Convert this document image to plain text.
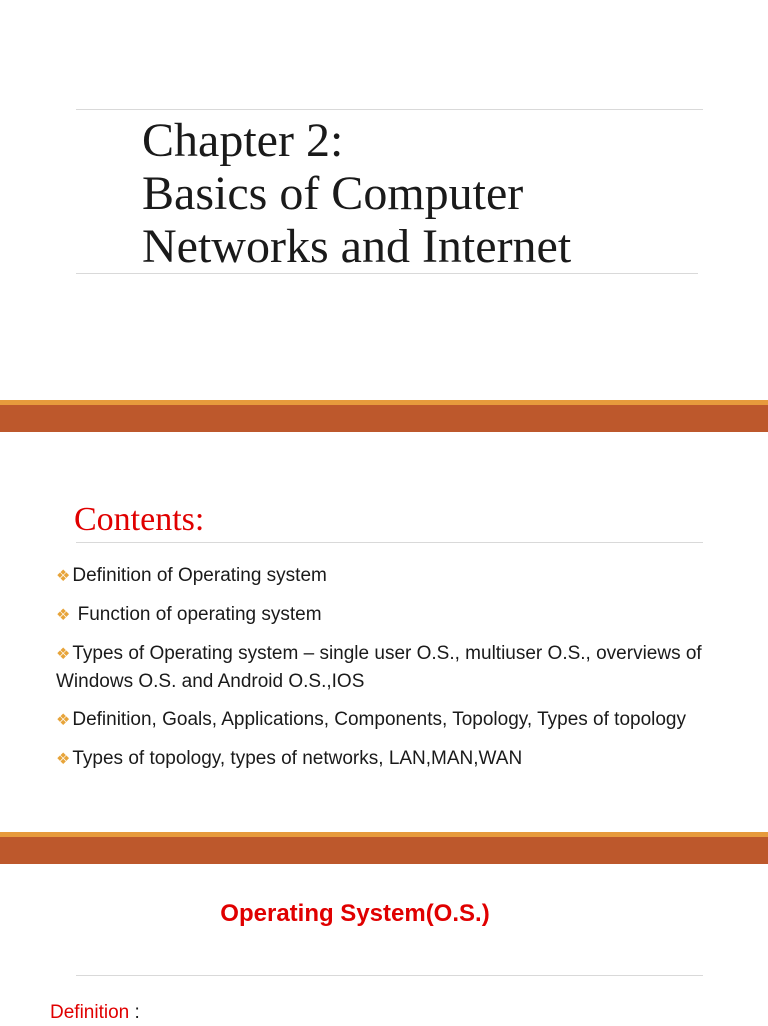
Chapter 2:
Basics of Computer
Networks and Internet
Contents:
❖ Definition of Operating system
❖ Function of operating system
❖ Types of Operating system – single user O.S., multiuser O.S., overviews of Windows O.S. and Android O.S.,IOS
❖ Definition, Goals, Applications, Components, Topology, Types of topology
❖ Types of topology, types of networks, LAN,MAN,WAN
Operating System(O.S.)
Definition :
